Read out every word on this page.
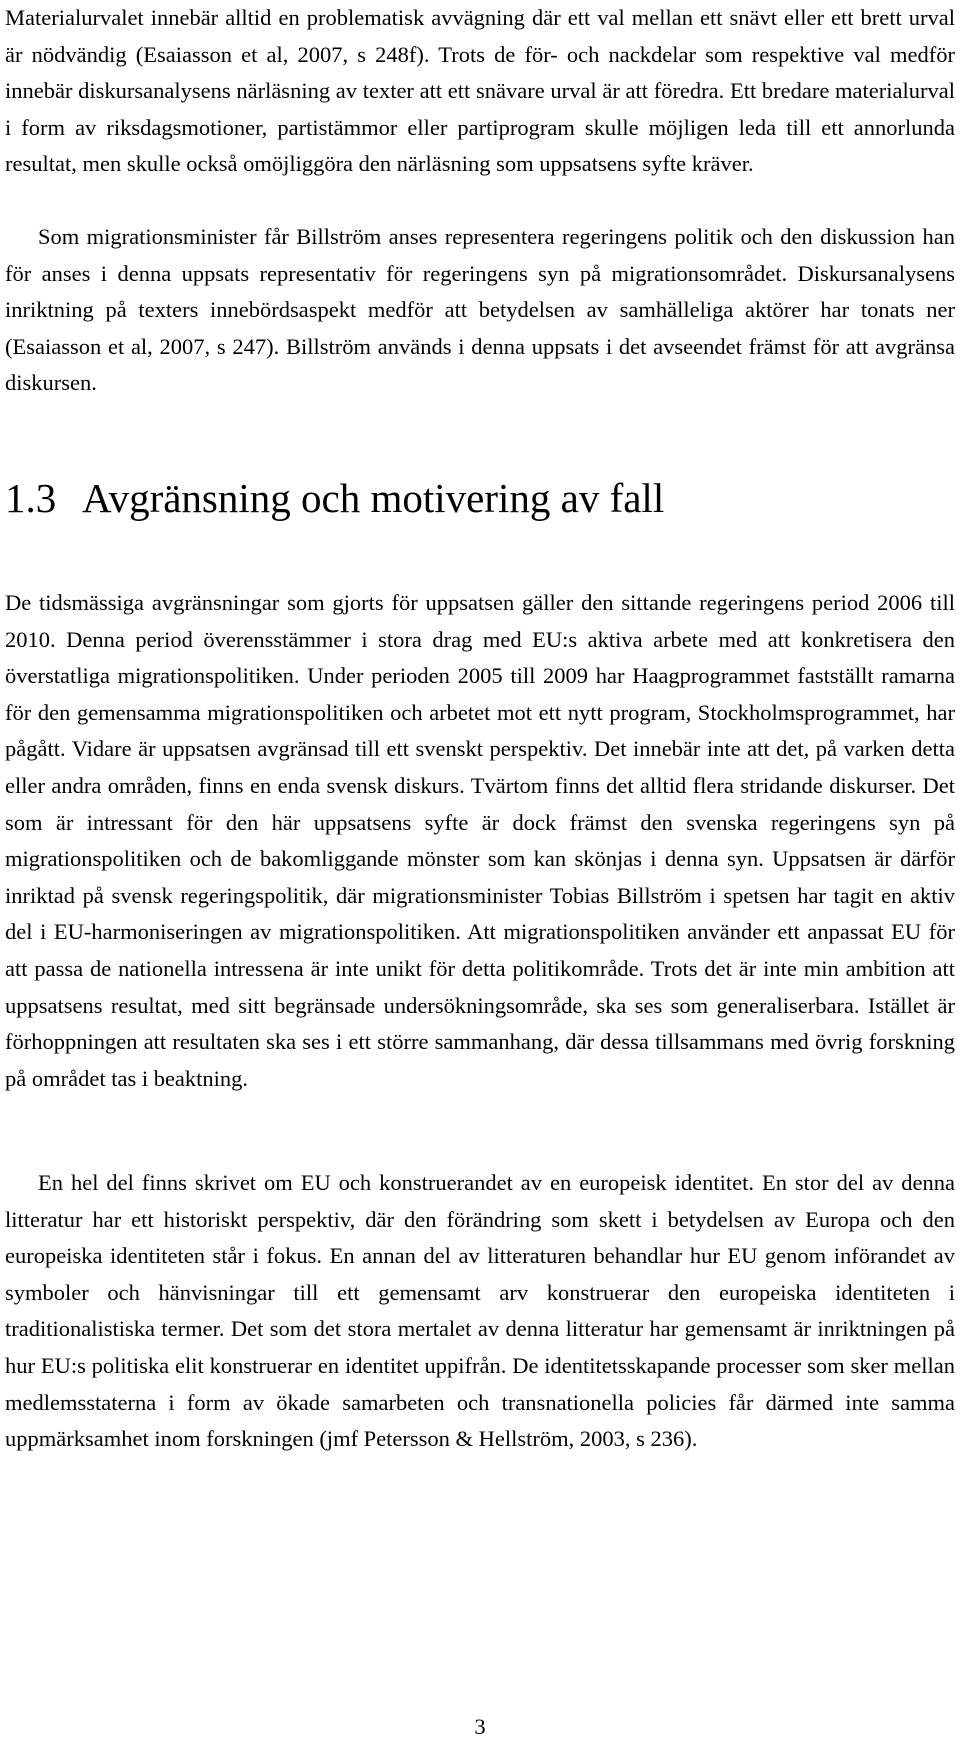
Materialurvalet innebär alltid en problematisk avvägning där ett val mellan ett snävt eller ett brett urval är nödvändig (Esaiasson et al, 2007, s 248f). Trots de för- och nackdelar som respektive val medför innebär diskursanalysens närläsning av texter att ett snävare urval är att föredra. Ett bredare materialurval i form av riksdagsmotioner, partistämmor eller partiprogram skulle möjligen leda till ett annorlunda resultat, men skulle också omöjliggöra den närläsning som uppsatsens syfte kräver.

Som migrationsminister får Billström anses representera regeringens politik och den diskussion han för anses i denna uppsats representativ för regeringens syn på migrationsområdet. Diskursanalysens inriktning på texters innebördsaspekt medför att betydelsen av samhälleliga aktörer har tonats ner (Esaiasson et al, 2007, s 247). Billström används i denna uppsats i det avseendet främst för att avgränsa diskursen.

1.3 Avgränsning och motivering av fall

De tidsmässiga avgränsningar som gjorts för uppsatsen gäller den sittande regeringens period 2006 till 2010. Denna period överensstämmer i stora drag med EU:s aktiva arbete med att konkretisera den överstatliga migrationspolitiken. Under perioden 2005 till 2009 har Haagprogrammet fastställt ramarna för den gemensamma migrationspolitiken och arbetet mot ett nytt program, Stockholmsprogrammet, har pågått. Vidare är uppsatsen avgränsad till ett svenskt perspektiv. Det innebär inte att det, på varken detta eller andra områden, finns en enda svensk diskurs. Tvärtom finns det alltid flera stridande diskurser. Det som är intressant för den här uppsatsens syfte är dock främst den svenska regeringens syn på migrationspolitiken och de bakomliggande mönster som kan skönjas i denna syn. Uppsatsen är därför inriktad på svensk regeringspolitik, där migrationsminister Tobias Billström i spetsen har tagit en aktiv del i EU-harmoniseringen av migrationspolitiken. Att migrationspolitiken använder ett anpassat EU för att passa de nationella intressena är inte unikt för detta politikområde. Trots det är inte min ambition att uppsatsens resultat, med sitt begränsade undersökningsområde, ska ses som generaliserbara. Istället är förhoppningen att resultaten ska ses i ett större sammanhang, där dessa tillsammans med övrig forskning på området tas i beaktning.

En hel del finns skrivet om EU och konstruerandet av en europeisk identitet. En stor del av denna litteratur har ett historiskt perspektiv, där den förändring som skett i betydelsen av Europa och den europeiska identiteten står i fokus. En annan del av litteraturen behandlar hur EU genom införandet av symboler och hänvisningar till ett gemensamt arv konstruerar den europeiska identiteten i traditionalistiska termer. Det som det stora mertalet av denna litteratur har gemensamt är inriktningen på hur EU:s politiska elit konstruerar en identitet uppifrån. De identitetsskapande processer som sker mellan medlemsstaterna i form av ökade samarbeten och transnationella policies får därmed inte samma uppmärksamhet inom forskningen (jmf Petersson & Hellström, 2003, s 236).

3
